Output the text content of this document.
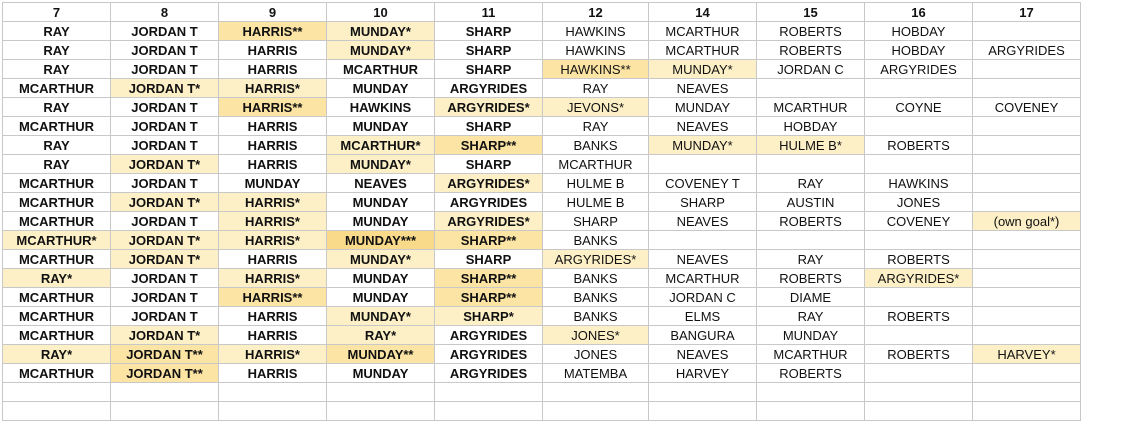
7	8	9	10	11	12	14	15	16	17
RAY	JORDAN T	HARRIS**	MUNDAY*	SHARP	HAWKINS	MCARTHUR	ROBERTS	HOBDAY	
RAY	JORDAN T	HARRIS	MUNDAY*	SHARP	HAWKINS	MCARTHUR	ROBERTS	HOBDAY	ARGYRIDES
RAY	JORDAN T	HARRIS	MCARTHUR	SHARP	HAWKINS**	MUNDAY*	JORDAN C	ARGYRIDES	
MCARTHUR	JORDAN T*	HARRIS*	MUNDAY	ARGYRIDES	RAY	NEAVES			
RAY	JORDAN T	HARRIS**	HAWKINS	ARGYRIDES*	JEVONS*	MUNDAY	MCARTHUR	COYNE	COVENEY
MCARTHUR	JORDAN T	HARRIS	MUNDAY	SHARP	RAY	NEAVES	HOBDAY		
RAY	JORDAN T	HARRIS	MCARTHUR*	SHARP**	BANKS	MUNDAY*	HULME B*	ROBERTS	
RAY	JORDAN T*	HARRIS	MUNDAY*	SHARP	MCARTHUR				
MCARTHUR	JORDAN T	MUNDAY	NEAVES	ARGYRIDES*	HULME B	COVENEY T	RAY	HAWKINS	
MCARTHUR	JORDAN T*	HARRIS*	MUNDAY	ARGYRIDES	HULME B	SHARP	AUSTIN	JONES	
MCARTHUR	JORDAN T	HARRIS*	MUNDAY	ARGYRIDES*	SHARP	NEAVES	ROBERTS	COVENEY	(own goal*)
MCARTHUR*	JORDAN T*	HARRIS*	MUNDAY***	SHARP**	BANKS				
MCARTHUR	JORDAN T*	HARRIS	MUNDAY*	SHARP	ARGYRIDES*	NEAVES	RAY	ROBERTS	
RAY*	JORDAN T	HARRIS*	MUNDAY	SHARP**	BANKS	MCARTHUR	ROBERTS	ARGYRIDES*	
MCARTHUR	JORDAN T	HARRIS**	MUNDAY	SHARP**	BANKS	JORDAN C	DIAME		
MCARTHUR	JORDAN T	HARRIS	MUNDAY*	SHARP*	BANKS	ELMS	RAY	ROBERTS	
MCARTHUR	JORDAN T*	HARRIS	RAY*	ARGYRIDES	JONES*	BANGURA	MUNDAY		
RAY*	JORDAN T**	HARRIS*	MUNDAY**	ARGYRIDES	JONES	NEAVES	MCARTHUR	ROBERTS	HARVEY*
MCARTHUR	JORDAN T**	HARRIS	MUNDAY	ARGYRIDES	MATEMBA	HARVEY	ROBERTS		
